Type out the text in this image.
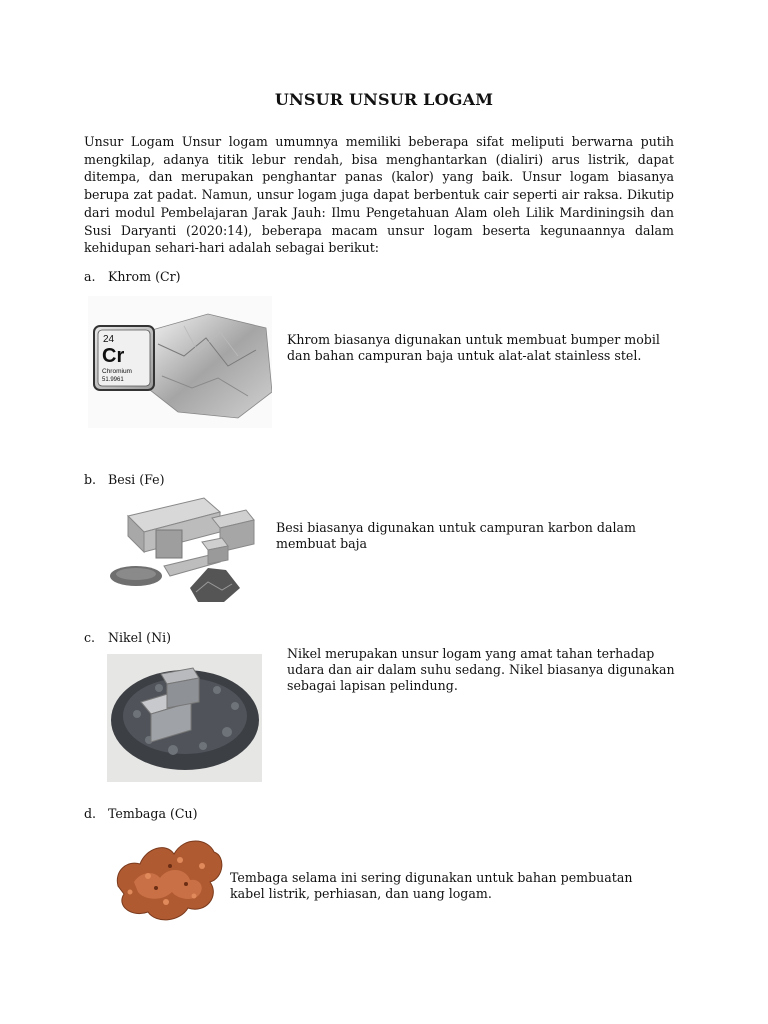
UNSUR UNSUR LOGAM
Unsur Logam Unsur logam umumnya memiliki beberapa sifat meliputi berwarna putih mengkilap, adanya titik lebur rendah, bisa menghantarkan (dialiri) arus listrik, dapat ditempa, dan merupakan penghantar panas (kalor) yang baik. Unsur logam biasanya berupa zat padat. Namun, unsur logam juga dapat berbentuk cair seperti air raksa. Dikutip dari modul Pembelajaran Jarak Jauh: Ilmu Pengetahuan Alam oleh Lilik Mardiningsih dan Susi Daryanti (2020:14), beberapa macam unsur logam beserta kegunaannya dalam kehidupan sehari-hari adalah sebagai berikut:
a. Khrom (Cr)
24
Cr
Chromium
51.9961
Khrom biasanya digunakan untuk membuat bumper mobil dan bahan campuran baja untuk alat-alat stainless stel.
b. Besi (Fe)
Besi biasanya digunakan untuk campuran karbon dalam membuat baja
c. Nikel (Ni)
Nikel merupakan unsur logam yang amat tahan terhadap udara dan air dalam suhu sedang. Nikel biasanya digunakan sebagai lapisan pelindung.
d. Tembaga (Cu)
Tembaga selama ini sering digunakan untuk bahan pembuatan kabel listrik, perhiasan, dan uang logam.
